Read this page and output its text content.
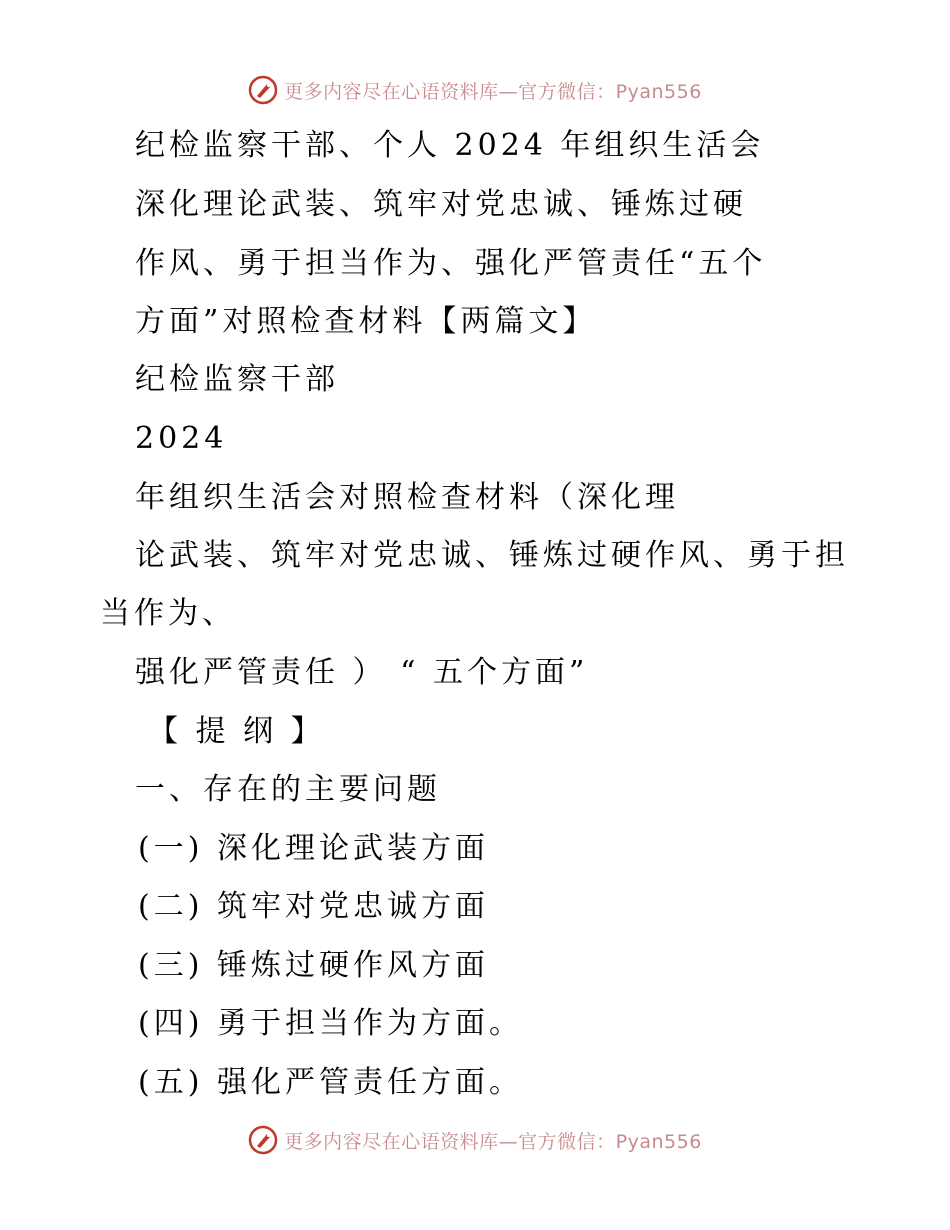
更多内容尽在心语资料库—官方微信：Pyan556
纪检监察干部、个人 2024 年组织生活会
深化理论武装、筑牢对党忠诚、锤炼过硬
作风、勇于担当作为、强化严管责任“五个
方面”对照检查材料【两篇文】
纪检监察干部
2024
年组织生活会对照检查材料（深化理
论武装、筑牢对党忠诚、锤炼过硬作风、勇于担
当作为、
强化严管责任 ） “ 五个方面”
【 提 纲 】
一、存在的主要问题
(一) 深化理论武装方面
(二) 筑牢对党忠诚方面
(三) 锤炼过硬作风方面
(四) 勇于担当作为方面。
(五) 强化严管责任方面。
更多内容尽在心语资料库—官方微信：Pyan556
